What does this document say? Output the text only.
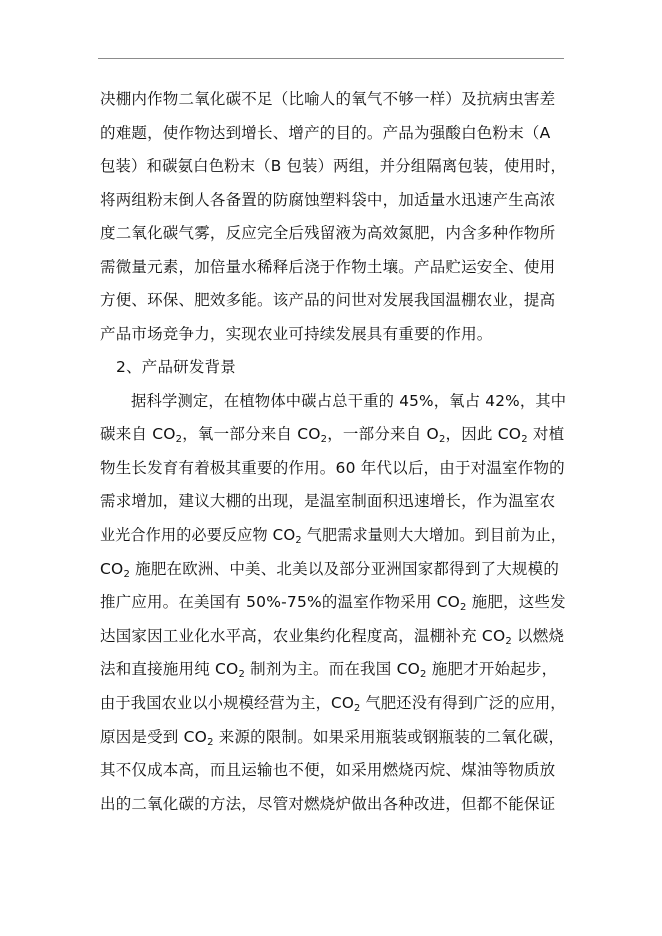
决棚内作物二氧化碳不足（比喻人的氧气不够一样）及抗病虫害差
的难题，使作物达到增长、增产的目的。产品为强酸白色粉末（A
包装）和碳氨白色粉末（B 包装）两组，并分组隔离包装，使用时，
将两组粉末倒人各备置的防腐蚀塑料袋中，加适量水迅速产生高浓
度二氧化碳气雾，反应完全后残留液为高效氮肥，内含多种作物所
需微量元素，加倍量水稀释后浇于作物土壤。产品贮运安全、使用
方便、环保、肥效多能。该产品的问世对发展我国温棚农业，提高
产品市场竞争力，实现农业可持续发展具有重要的作用。
2、产品研发背景
据科学测定，在植物体中碳占总干重的 45%，氧占 42%，其中
碳来自 $CO_2$，氧一部分来自 $CO_2$，一部分来自 $O_2$，因此 $CO_2$ 对植
物生长发育有着极其重要的作用。60 年代以后，由于对温室作物的
需求增加，建议大棚的出现，是温室制面积迅速增长，作为温室农
业光合作用的必要反应物 $CO_2$ 气肥需求量则大大增加。到目前为止，
$CO_2$ 施肥在欧洲、中美、北美以及部分亚洲国家都得到了大规模的
推广应用。在美国有 50%-75%的温室作物采用 $CO_2$ 施肥，这些发
达国家因工业化水平高，农业集约化程度高，温棚补充 $CO_2$ 以燃烧
法和直接施用纯 $CO_2$ 制剂为主。而在我国 $CO_2$ 施肥才开始起步，
由于我国农业以小规模经营为主，$CO_2$ 气肥还没有得到广泛的应用，
原因是受到 $CO_2$ 来源的限制。如果采用瓶装或钢瓶装的二氧化碳，
其不仅成本高，而且运输也不便，如采用燃烧丙烷、煤油等物质放
出的二氧化碳的方法，尽管对燃烧炉做出各种改进，但都不能保证
